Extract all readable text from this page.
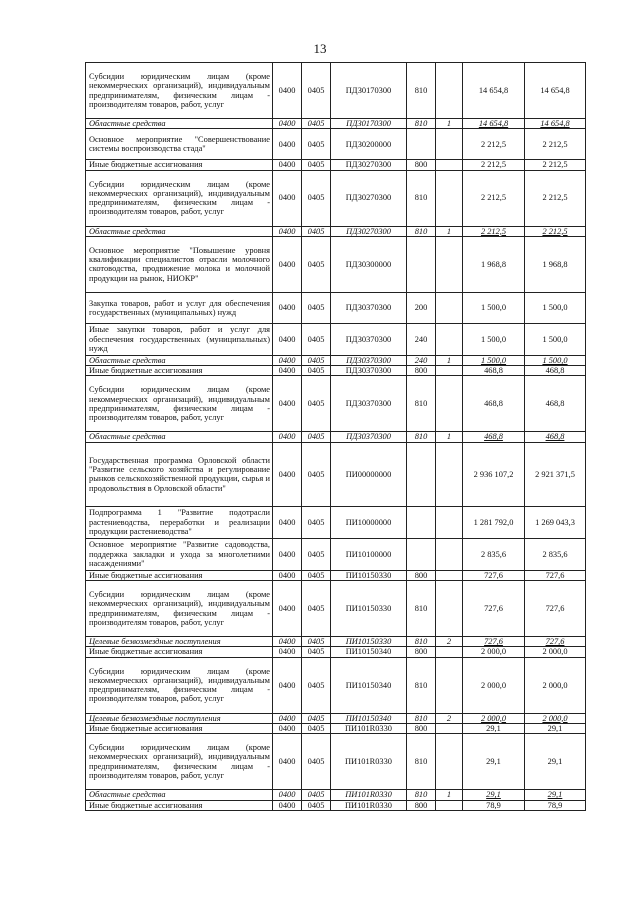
13
Субсидии юридическим лицам (кроме некоммерческих организаций), индивидуальным предпринимателям, физическим лицам - производителям товаров, работ, услуг	0400	0405	ПДЗ0170300	810		14 654,8	14 654,8
Областные средства	0400	0405	ПДЗ0170300	810	1	14 654,8	14 654,8
Основное мероприятие "Совершенствование системы воспроизводства стада"	0400	0405	ПДЗ0200000			2 212,5	2 212,5
Иные бюджетные ассигнования	0400	0405	ПДЗ0270300	800		2 212,5	2 212,5
Субсидии юридическим лицам (кроме некоммерческих организаций), индивидуальным предпринимателям, физическим лицам - производителям товаров, работ, услуг	0400	0405	ПДЗ0270300	810		2 212,5	2 212,5
Областные средства	0400	0405	ПДЗ0270300	810	1	2 212,5	2 212,5
Основное мероприятие "Повышение уровня квалификации специалистов отрасли молочного скотоводства, продвижение молока и молочной продукции на рынок, НИОКР"	0400	0405	ПДЗ0300000			1 968,8	1 968,8
Закупка товаров, работ и услуг для обеспечения государственных (муниципальных) нужд	0400	0405	ПДЗ0370300	200		1 500,0	1 500,0
Иные закупки товаров, работ и услуг для обеспечения государственных (муниципальных) нужд	0400	0405	ПДЗ0370300	240		1 500,0	1 500,0
Областные средства	0400	0405	ПДЗ0370300	240	1	1 500,0	1 500,0
Иные бюджетные ассигнования	0400	0405	ПДЗ0370300	800		468,8	468,8
Субсидии юридическим лицам (кроме некоммерческих организаций), индивидуальным предпринимателям, физическим лицам - производителям товаров, работ, услуг	0400	0405	ПДЗ0370300	810		468,8	468,8
Областные средства	0400	0405	ПДЗ0370300	810	1	468,8	468,8
Государственная программа Орловской области "Развитие сельского хозяйства и регулирование рынков сельскохозяйственной продукции, сырья и продовольствия в Орловской области"	0400	0405	ПИ00000000			2 936 107,2	2 921 371,5
Подпрограмма 1 "Развитие подотрасли растениеводства, переработки и реализации продукции растениеводства"	0400	0405	ПИ10000000			1 281 792,0	1 269 043,3
Основное мероприятие "Развитие садоводства, поддержка закладки и ухода за многолетними насаждениями"	0400	0405	ПИ10100000			2 835,6	2 835,6
Иные бюджетные ассигнования	0400	0405	ПИ10150330	800		727,6	727,6
Субсидии юридическим лицам (кроме некоммерческих организаций), индивидуальным предпринимателям, физическим лицам - производителям товаров, работ, услуг	0400	0405	ПИ10150330	810		727,6	727,6
Целевые безвозмездные поступления	0400	0405	ПИ10150330	810	2	727,6	727,6
Иные бюджетные ассигнования	0400	0405	ПИ10150340	800		2 000,0	2 000,0
Субсидии юридическим лицам (кроме некоммерческих организаций), индивидуальным предпринимателям, физическим лицам - производителям товаров, работ, услуг	0400	0405	ПИ10150340	810		2 000,0	2 000,0
Целевые безвозмездные поступления	0400	0405	ПИ10150340	810	2	2 000,0	2 000,0
Иные бюджетные ассигнования	0400	0405	ПИ101R0330	800		29,1	29,1
Субсидии юридическим лицам (кроме некоммерческих организаций), индивидуальным предпринимателям, физическим лицам - производителям товаров, работ, услуг	0400	0405	ПИ101R0330	810		29,1	29,1
Областные средства	0400	0405	ПИ101R0330	810	1	29,1	29,1
Иные бюджетные ассигнования	0400	0405	ПИ101R0330	800		78,9	78,9
